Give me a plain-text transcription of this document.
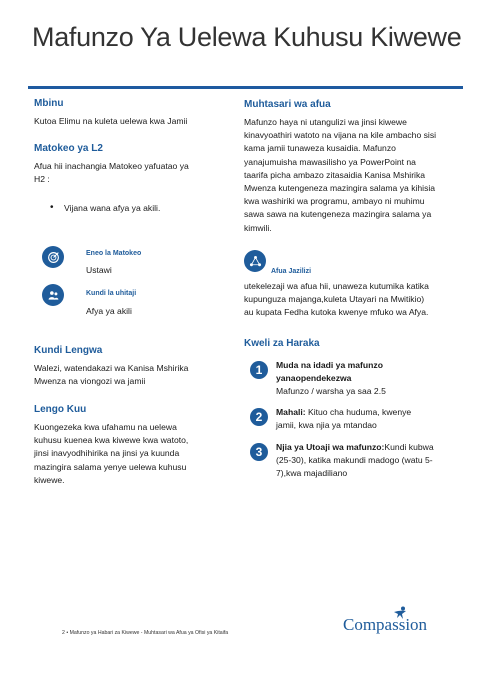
Mafunzo Ya Uelewa Kuhusu Kiwewe
Mbinu
Kutoa Elimu na kuleta uelewa kwa Jamii
Matokeo ya L2
Afua hii inachangia Matokeo yafuatao ya
H2 :
• Vijana wana afya ya akili.
Eneo la Matokeo
Ustawi
Kundi la uhitaji
Afya ya akili
Kundi Lengwa
Walezi, watendakazi wa Kanisa Mshirika
Mwenza na viongozi wa jamii
Lengo Kuu
Kuongezeka kwa ufahamu na uelewa
kuhusu kuenea kwa kiwewe kwa watoto,
jinsi inavyodhihirika na jinsi ya kuunda
mazingira salama yenye uelewa kuhusu
kiwewe.
Muhtasari wa afua
Mafunzo haya ni utangulizi wa jinsi kiwewe
kinavyoathiri watoto na vijana na kile ambacho sisi
kama jamii tunaweza kusaidia. Mafunzo
yanajumuisha mawasilisho ya PowerPoint na
taarifa picha ambazo zitasaidia Kanisa Mshirika
Mwenza kutengeneza mazingira salama ya kihisia
kwa washiriki wa programu, ambayo ni muhimu
sawa sawa na kutengeneza mazingira salama ya
kimwili.
Afua Jazilizi
utekelezaji wa afua hii, unaweza kutumika katika
kupunguza majanga,kuleta Utayari na Mwitikio)
au kupata Fedha kutoka kwenye mfuko wa Afya.
Kweli za Haraka
1	Muda na idadi ya mafunzo
yanaopendekezwa
Mafunzo / warsha ya saa 2.5
2	Mahali: Kituo cha huduma, kwenye
jamii, kwa njia ya mtandao
3	Njia ya Utoaji wa mafunzo:Kundi kubwa
(25-30), katika makundi madogo (watu 5-
7),kwa majadiliano
2 • Mafunzo ya Habari za Kiwewe - Muhtasari wa Afua ya Ofisi ya Kitaifa	Compassion
